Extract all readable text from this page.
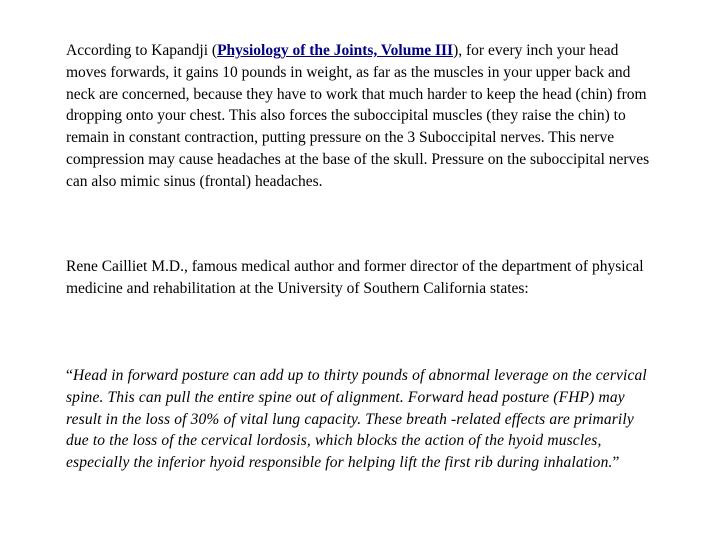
According to Kapandji (Physiology of the Joints, Volume III), for every inch your head moves forwards, it gains 10 pounds in weight, as far as the muscles in your upper back and neck are concerned, because they have to work that much harder to keep the head (chin) from dropping onto your chest. This also forces the suboccipital muscles (they raise the chin) to remain in constant contraction, putting pressure on the 3 Suboccipital nerves. This nerve compression may cause headaches at the base of the skull. Pressure on the suboccipital nerves can also mimic sinus (frontal) headaches.

Rene Cailliet M.D., famous medical author and former director of the department of physical medicine and rehabilitation at the University of Southern California states:

“Head in forward posture can add up to thirty pounds of abnormal leverage on the cervical spine. This can pull the entire spine out of alignment. Forward head posture (FHP) may result in the loss of 30% of vital lung capacity. These breath -related effects are primarily due to the loss of the cervical lordosis, which blocks the action of the hyoid muscles, especially the inferior hyoid responsible for helping lift the first rib during inhalation.”
